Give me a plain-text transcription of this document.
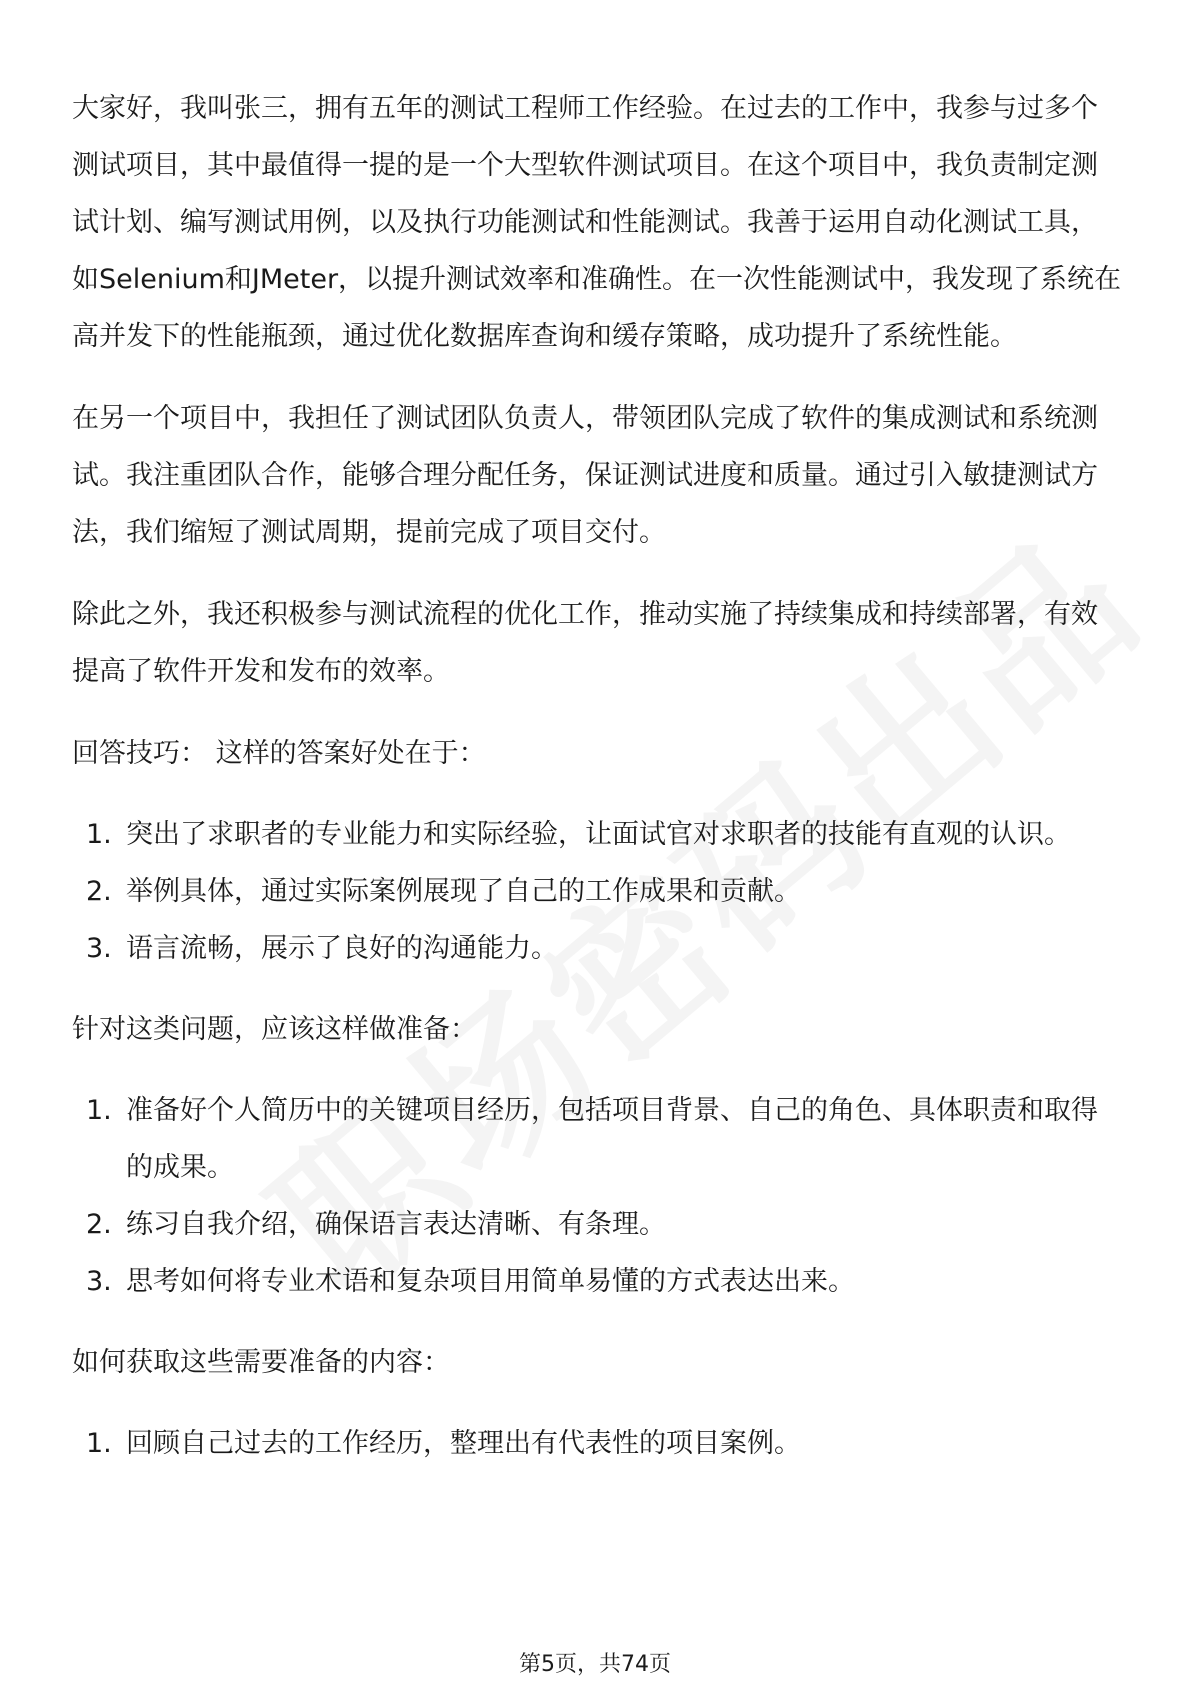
大家好，我叫张三，拥有五年的测试工程师工作经验。在过去的工作中，我参与过多个测试项目，其中最值得一提的是一个大型软件测试项目。在这个项目中，我负责制定测试计划、编写测试用例，以及执行功能测试和性能测试。我善于运用自动化测试工具，如Selenium和JMeter，以提升测试效率和准确性。在一次性能测试中，我发现了系统在高并发下的性能瓶颈，通过优化数据库查询和缓存策略，成功提升了系统性能。

在另一个项目中，我担任了测试团队负责人，带领团队完成了软件的集成测试和系统测试。我注重团队合作，能够合理分配任务，保证测试进度和质量。通过引入敏捷测试方法，我们缩短了测试周期，提前完成了项目交付。

除此之外，我还积极参与测试流程的优化工作，推动实施了持续集成和持续部署，有效提高了软件开发和发布的效率。

回答技巧： 这样的答案好处在于：

1. 突出了求职者的专业能力和实际经验，让面试官对求职者的技能有直观的认识。
2. 举例具体，通过实际案例展现了自己的工作成果和贡献。
3. 语言流畅，展示了良好的沟通能力。

针对这类问题，应该这样做准备：

1. 准备好个人简历中的关键项目经历，包括项目背景、自己的角色、具体职责和取得的成果。
2. 练习自我介绍，确保语言表达清晰、有条理。
3. 思考如何将专业术语和复杂项目用简单易懂的方式表达出来。

如何获取这些需要准备的内容：

1. 回顾自己过去的工作经历，整理出有代表性的项目案例。
第5页，共74页
